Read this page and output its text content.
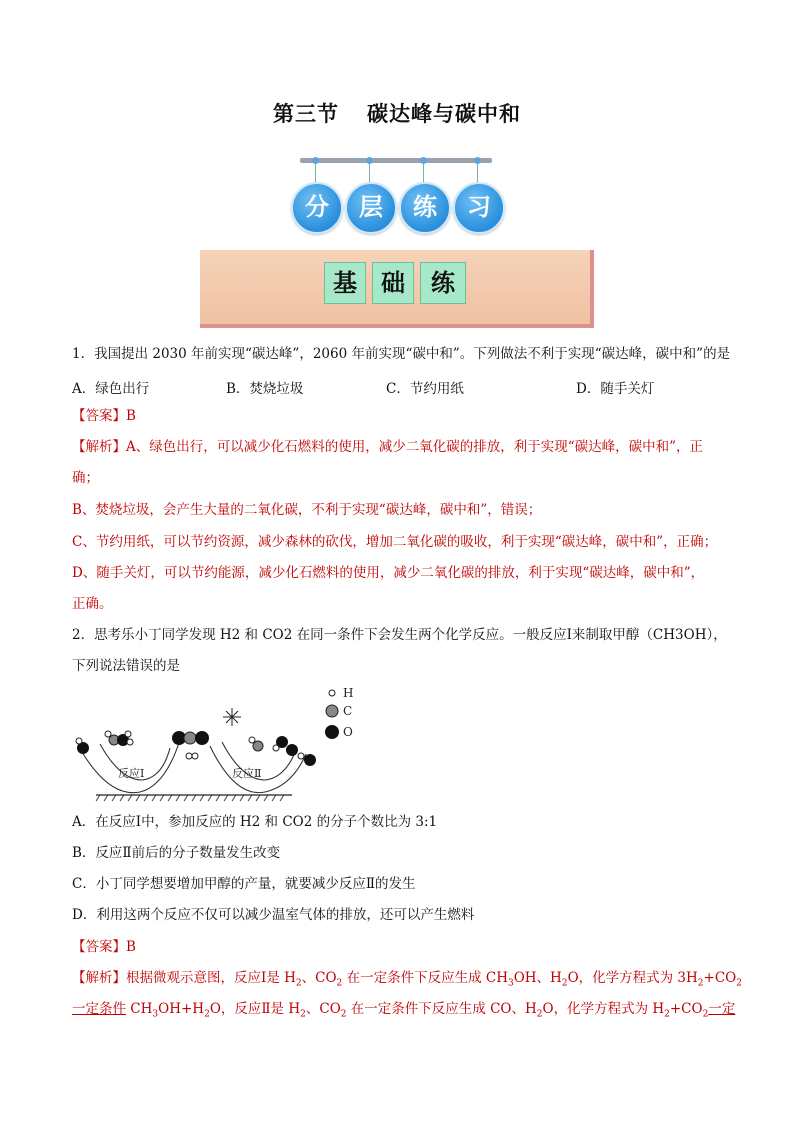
第三节 碳达峰与碳中和
分	层	练	习
基	础	练
1．我国提出 2030 年前实现“碳达峰”，2060 年前实现“碳中和”。下列做法不利于实现“碳达峰，碳中和”的是
A．绿色出行	B．焚烧垃圾	C．节约用纸	D．随手关灯
【答案】B
【解析】A、绿色出行，可以减少化石燃料的使用，减少二氧化碳的排放，利于实现“碳达峰，碳中和”，正
确；
B、焚烧垃圾，会产生大量的二氧化碳，不利于实现“碳达峰，碳中和”，错误；
C、节约用纸，可以节约资源，减少森林的砍伐，增加二氧化碳的吸收，利于实现“碳达峰，碳中和”，正确；
D、随手关灯，可以节约能源，减少化石燃料的使用，减少二氧化碳的排放，利于实现“碳达峰，碳中和”，
正确。
2．思考乐小丁同学发现 H2 和 CO2 在同一条件下会发生两个化学反应。一般反应Ⅰ来制取甲醇（CH3OH），
下列说法错误的是
反应Ⅰ	反应Ⅱ
H
C
O
A．在反应Ⅰ中，参加反应的 H2 和 CO2 的分子个数比为 3:1
B．反应Ⅱ前后的分子数量发生改变
C．小丁同学想要增加甲醇的产量，就要减少反应Ⅱ的发生
D．利用这两个反应不仅可以减少温室气体的排放，还可以产生燃料
【答案】B
【解析】根据微观示意图，反应Ⅰ是 $H_2$、$CO_2$ 在一定条件下反应生成 $CH_3OH$、$H_2O$，化学方程式为 $3H_2+CO_2$
一定条件 $CH_3OH+H_2O$，反应Ⅱ是 $H_2$、$CO_2$ 在一定条件下反应生成 CO、$H_2O$，化学方程式为 $H_2+CO_2$一定
